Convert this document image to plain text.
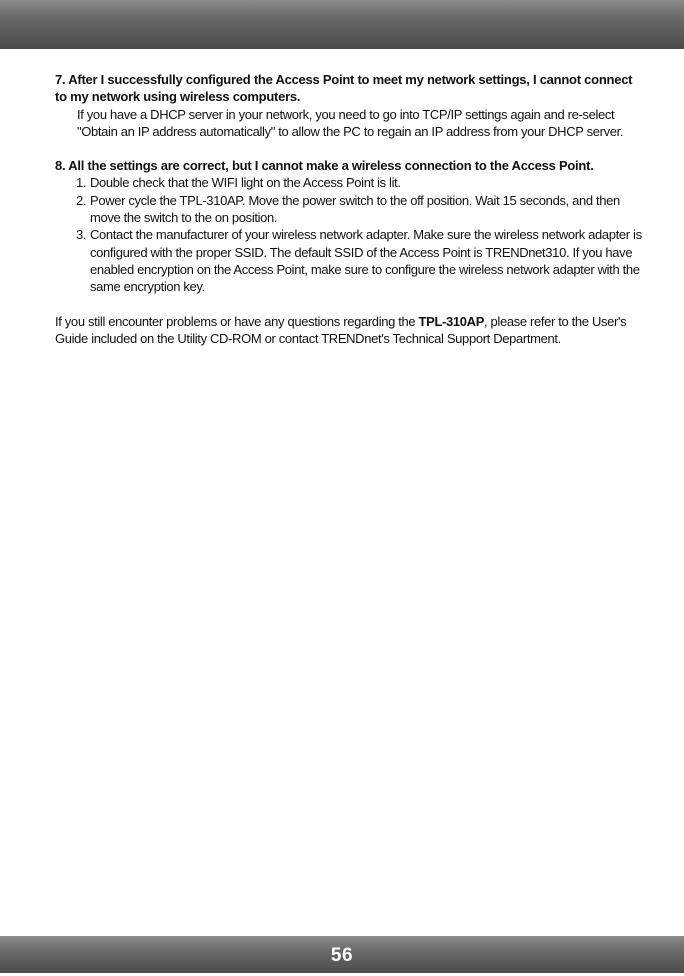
7. After I successfully configured the Access Point to meet my network settings, I cannot connect to my network using wireless computers.

If you have a DHCP server in your network, you need to go into TCP/IP settings again and re-select "Obtain an IP address automatically" to allow the PC to regain an IP address from your DHCP server.

8. All the settings are correct, but I cannot make a wireless connection to the Access Point.

1. Double check that the WIFI light on the Access Point is lit.
2. Power cycle the TPL-310AP. Move the power switch to the off position. Wait 15 seconds, and then move the switch to the on position.
3. Contact the manufacturer of your wireless network adapter. Make sure the wireless network adapter is configured with the proper SSID. The default SSID of the Access Point is TRENDnet310. If you have enabled encryption on the Access Point, make sure to configure the wireless network adapter with the same encryption key.

If you still encounter problems or have any questions regarding the TPL-310AP, please refer to the User's Guide included on the Utility CD-ROM or contact TRENDnet's Technical Support Department.

56
